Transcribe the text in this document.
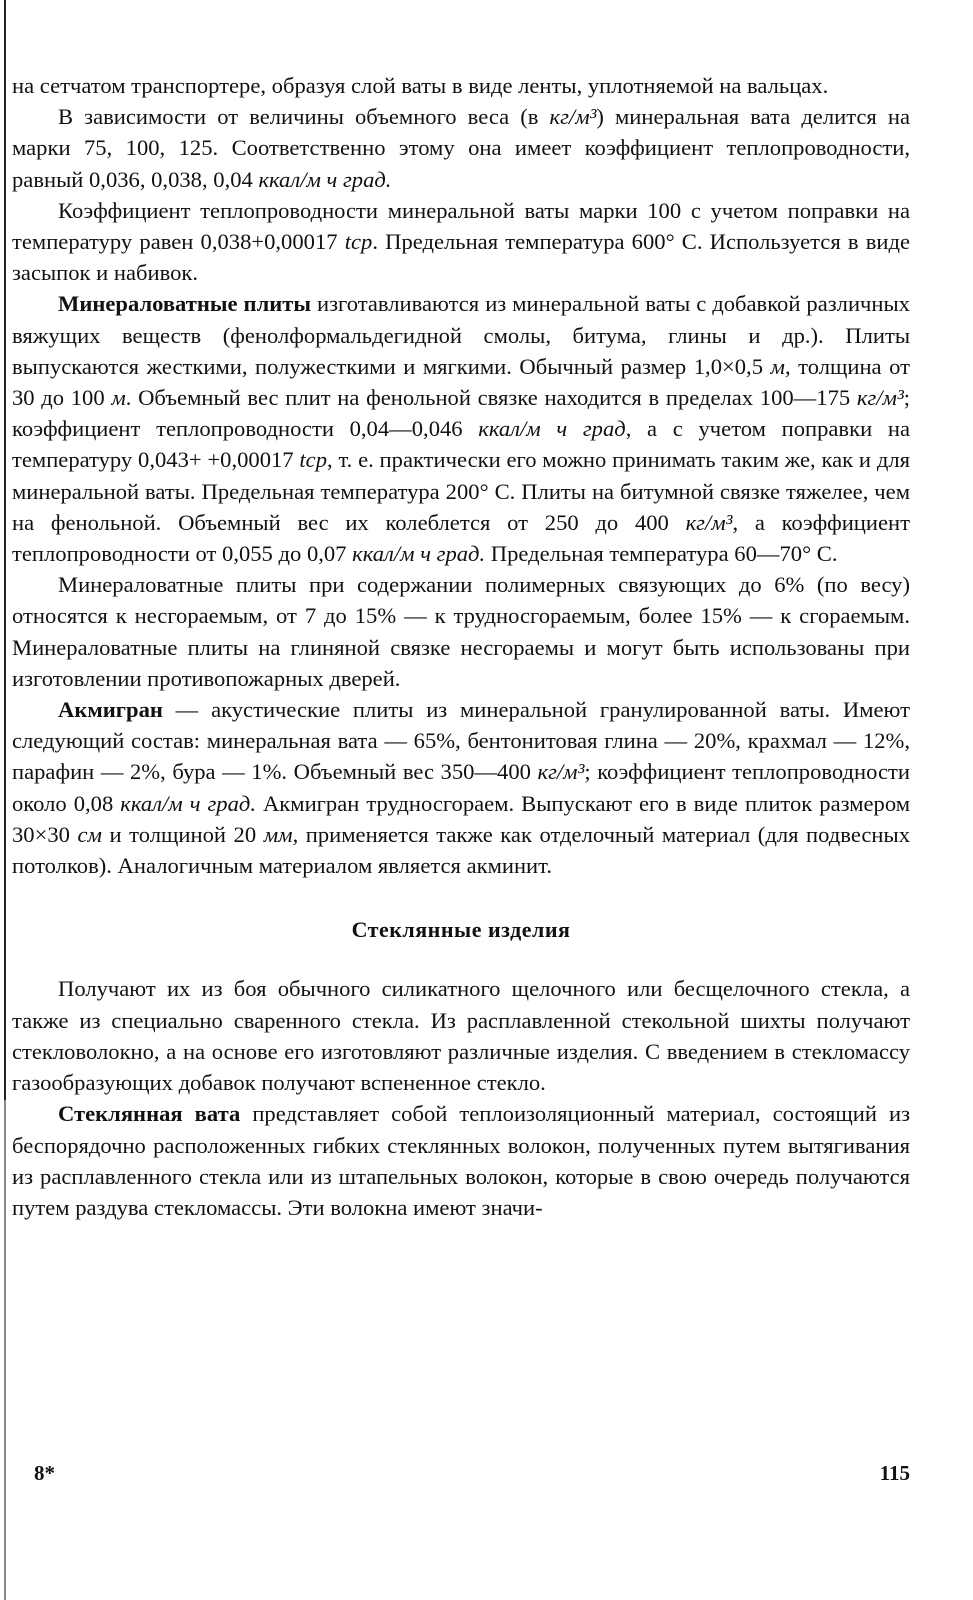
на сетчатом транспортере, образуя слой ваты в виде ленты, уплотняемой на вальцах.

В зависимости от величины объемного веса (в кг/м³) минеральная вата делится на марки 75, 100, 125. Соответственно этому она имеет коэффициент теплопроводности, равный 0,036, 0,038, 0,04 ккал/м ч град.

Коэффициент теплопроводности минеральной ваты марки 100 с учетом поправки на температуру равен 0,038+0,00017 tср. Предельная температура 600° С. Используется в виде засыпок и набивок.

Минераловатные плиты изготавливаются из минеральной ваты с добавкой различных вяжущих веществ (фенолформальдегидной смолы, битума, глины и др.). Плиты выпускаются жесткими, полужесткими и мягкими. Обычный размер 1,0×0,5 м, толщина от 30 до 100 м. Объемный вес плит на фенольной связке находится в пределах 100—175 кг/м³; коэффициент теплопроводности 0,04—0,046 ккал/м ч град, а с учетом поправки на температуру 0,043+ +0,00017 tср, т. е. практически его можно принимать таким же, как и для минеральной ваты. Предельная температура 200° С. Плиты на битумной связке тяжелее, чем на фенольной. Объемный вес их колеблется от 250 до 400 кг/м³, а коэффициент теплопроводности от 0,055 до 0,07 ккал/м ч град. Предельная температура 60—70° С.

Минераловатные плиты при содержании полимерных связующих до 6% (по весу) относятся к несгораемым, от 7 до 15% — к трудносгораемым, более 15% — к сгораемым. Минераловатные плиты на глиняной связке несгораемы и могут быть использованы при изготовлении противопожарных дверей.

Акмигран — акустические плиты из минеральной гранулированной ваты. Имеют следующий состав: минеральная вата — 65%, бентонитовая глина — 20%, крахмал — 12%, парафин — 2%, бура — 1%. Объемный вес 350—400 кг/м³; коэффициент теплопроводности около 0,08 ккал/м ч град. Акмигран трудносгораем. Выпускают его в виде плиток размером 30×30 см и толщиной 20 мм, применяется также как отделочный материал (для подвесных потолков). Аналогичным материалом является акминит.

Стеклянные изделия

Получают их из боя обычного силикатного щелочного или бесщелочного стекла, а также из специально сваренного стекла. Из расплавленной стекольной шихты получают стекловолокно, а на основе его изготовляют различные изделия. С введением в стекломассу газообразующих добавок получают вспененное стекло.

Стеклянная вата представляет собой теплоизоляционный материал, состоящий из беспорядочно расположенных гибких стеклянных волокон, полученных путем вытягивания из расплавленного стекла или из штапельных волокон, которые в свою очередь получаются путем раздува стекломассы. Эти волокна имеют значи-

8*	115
